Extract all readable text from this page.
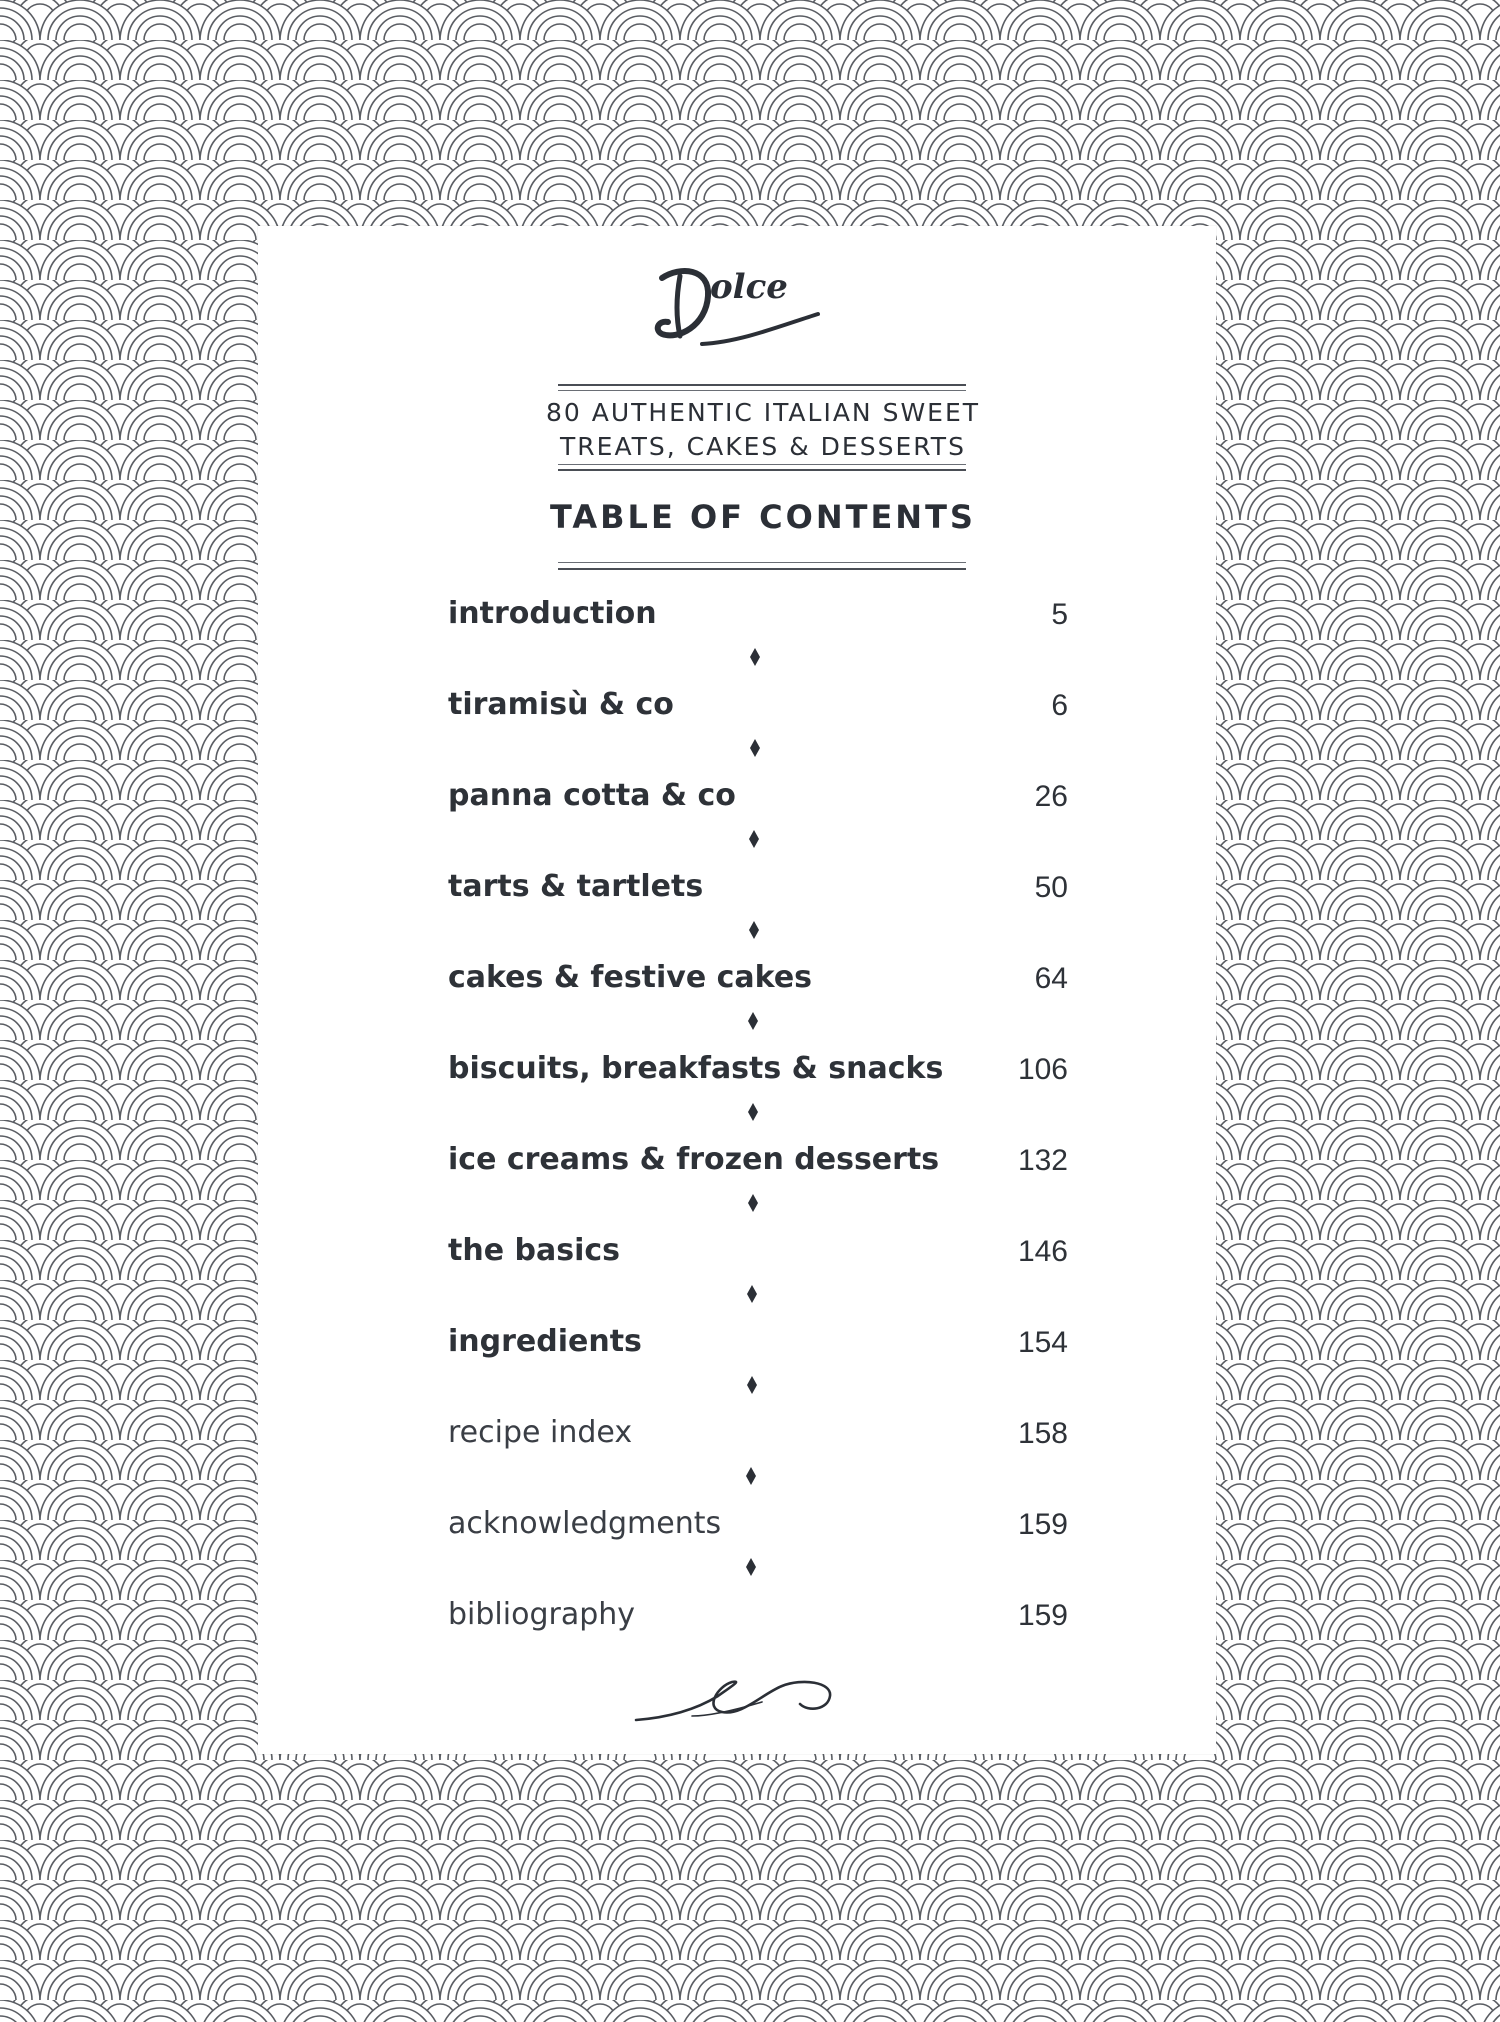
olce
80 AUTHENTIC ITALIAN SWEET
TREATS, CAKES & DESSERTS
TABLE OF CONTENTS
introduction	5
tiramisù & co	6
panna cotta & co	26
tarts & tartlets	50
cakes & festive cakes	64
biscuits, breakfasts & snacks 106
ice creams & frozen desserts	132
the basics	146
ingredients	154
recipe index	158
acknowledgments	159
bibliography	159
